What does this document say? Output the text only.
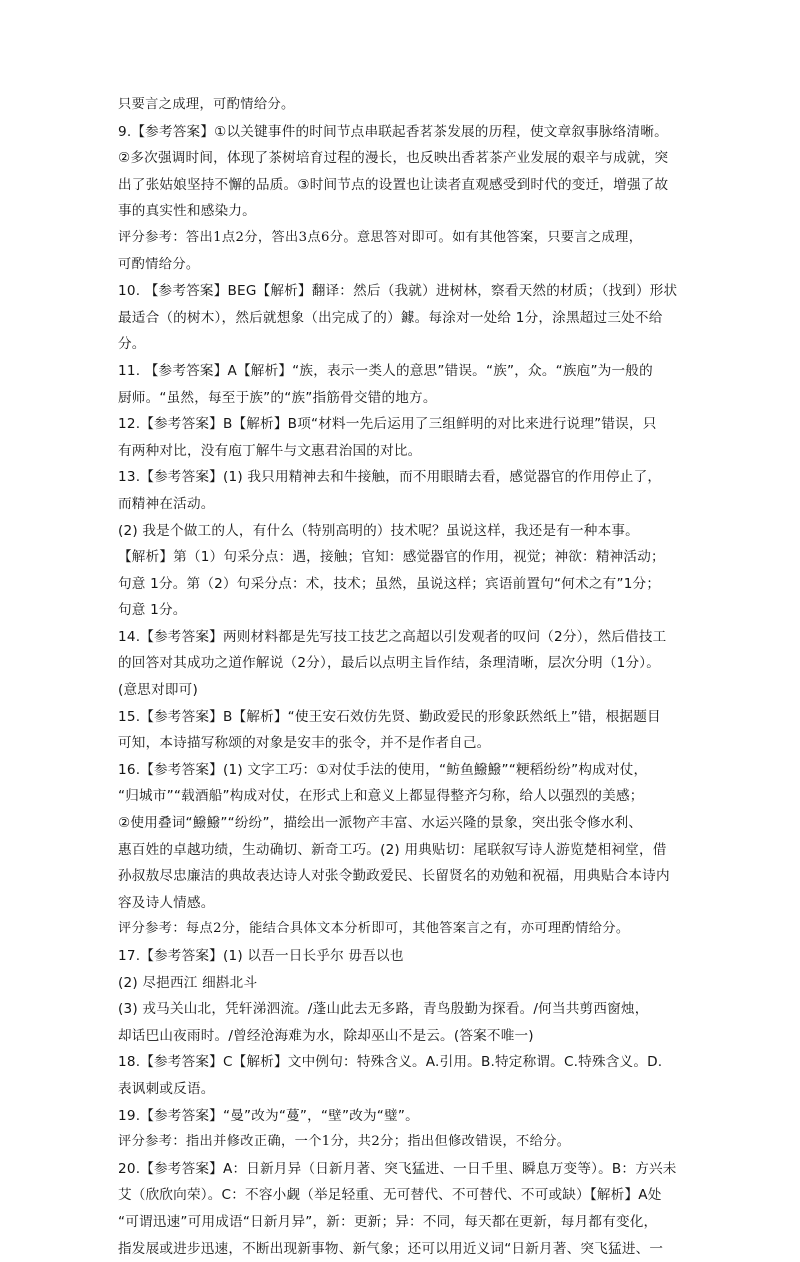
只要言之成理，可酌情给分。
9.【参考答案】①以关键事件的时间节点串联起香茗茶发展的历程，使文章叙事脉络清晰。
②多次强调时间，体现了茶树培育过程的漫长，也反映出香茗茶产业发展的艰辛与成就，突
出了张姑娘坚持不懈的品质。③时间节点的设置也让读者直观感受到时代的变迁，增强了故
事的真实性和感染力。
评分参考：答出1点2分，答出3点6分。意思答对即可。如有其他答案，只要言之成理，
可酌情给分。
10. 【参考答案】BEG【解析】翻译：然后（我就）进树林，察看天然的材质；（找到）形状
最适合（的树木），然后就想象（出完成了的）鐻。每涂对一处给 1分，涂黑超过三处不给
分。
11. 【参考答案】A【解析】“族，表示一类人的意思”错误。“族”，众。“族庖”为一般的
厨师。“虽然，每至于族”的“族”指筋骨交错的地方。
12.【参考答案】B【解析】B项“材料一先后运用了三组鲜明的对比来进行说理”错误，只
有两种对比，没有庖丁解牛与文惠君治国的对比。
13.【参考答案】(1) 我只用精神去和牛接触，而不用眼睛去看，感觉器官的作用停止了，
而精神在活动。
(2) 我是个做工的人，有什么（特别高明的）技术呢？虽说这样，我还是有一种本事。
【解析】第（1）句采分点：遇，接触；官知：感觉器官的作用，视觉；神欲：精神活动；
句意 1分。第（2）句采分点：术，技术；虽然，虽说这样；宾语前置句“何术之有”1分；
句意 1分。
14.【参考答案】两则材料都是先写技工技艺之高超以引发观者的叹问（2分），然后借技工
的回答对其成功之道作解说（2分），最后以点明主旨作结，条理清晰，层次分明（1分）。
(意思对即可)
15.【参考答案】B【解析】“使王安石效仿先贤、勤政爱民的形象跃然纸上”错，根据题目
可知，本诗描写称颂的对象是安丰的张令，并不是作者自己。
16.【参考答案】(1) 文字工巧：①对仗手法的使用，“鲂鱼鱍鱍”“粳稻纷纷”构成对仗，
“归城市”“载酒船”构成对仗，在形式上和意义上都显得整齐匀称，给人以强烈的美感；
②使用叠词“鱍鱍”“纷纷”，描绘出一派物产丰富、水运兴隆的景象，突出张令修水利、
惠百姓的卓越功绩，生动确切、新奇工巧。(2) 用典贴切：尾联叙写诗人游览楚相祠堂，借
孙叔敖尽忠廉洁的典故表达诗人对张令勤政爱民、长留贤名的劝勉和祝福，用典贴合本诗内
容及诗人情感。
评分参考：每点2分，能结合具体文本分析即可，其他答案言之有，亦可理酌情给分。
17.【参考答案】(1) 以吾一日长乎尔 毋吾以也
(2) 尽挹西江 细斟北斗
(3) 戎马关山北，凭轩涕泗流。/蓬山此去无多路，青鸟殷勤为探看。/何当共剪西窗烛，
却话巴山夜雨时。/曾经沧海难为水，除却巫山不是云。(答案不唯一)
18.【参考答案】C【解析】文中例句：特殊含义。A.引用。B.特定称谓。C.特殊含义。D.
表讽刺或反语。
19.【参考答案】“曼”改为“蔓”，“壁”改为“璧”。
评分参考：指出并修改正确，一个1分，共2分；指出但修改错误，不给分。
20.【参考答案】A：日新月异（日新月著、突飞猛进、一日千里、瞬息万变等）。B：方兴未
艾（欣欣向荣）。C：不容小觑（举足轻重、无可替代、不可替代、不可或缺）【解析】A处
“可谓迅速”可用成语“日新月异”，新：更新；异：不同，每天都在更新，每月都有变化，
指发展或进步迅速，不断出现新事物、新气象；还可以用近义词“日新月著、突飞猛进、一
